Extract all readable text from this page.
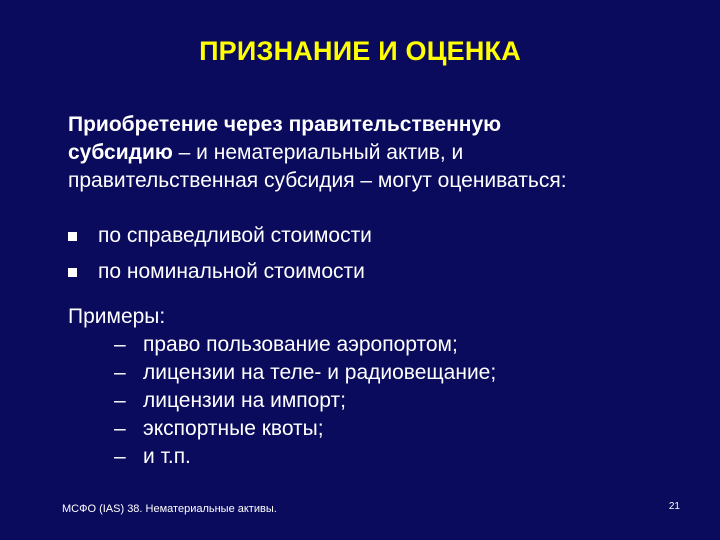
ПРИЗНАНИЕ И ОЦЕНКА
Приобретение через правительственную
субсидию – и нематериальный актив, и
правительственная субсидия – могут оцениваться:
по справедливой стоимости
по номинальной стоимости
Примеры:
– право пользование аэропортом;
– лицензии на теле- и радиовещание;
– лицензии на импорт;
– экспортные квоты;
– и т.п.
МСФО (IAS) 38. Нематериальные активы.	21
